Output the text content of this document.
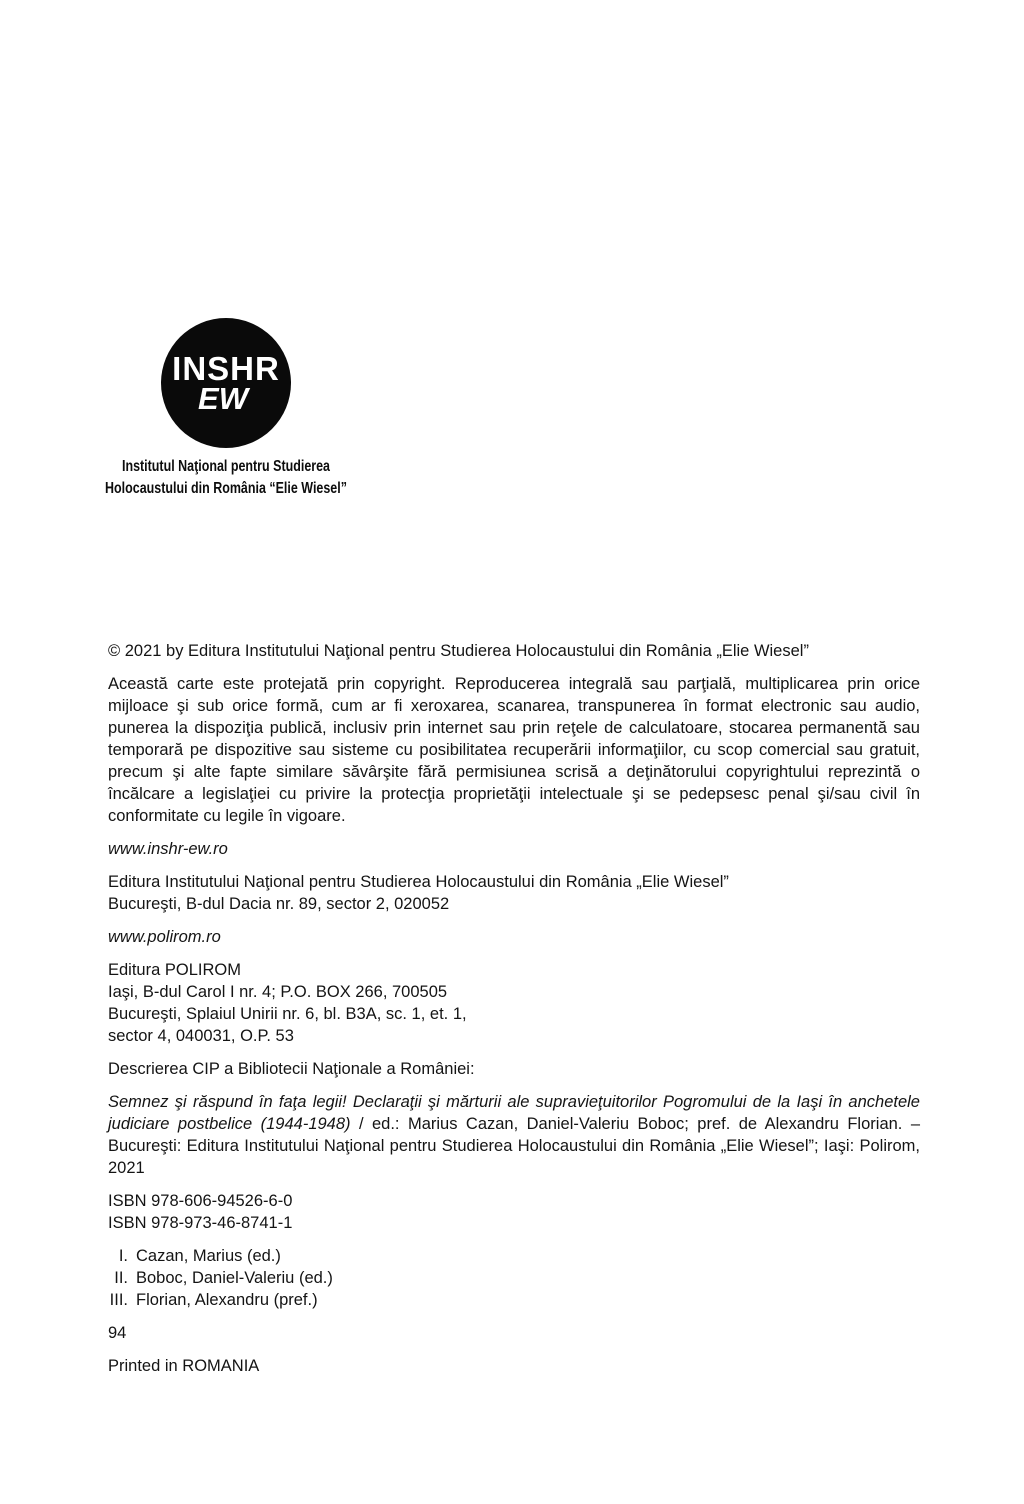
INSHR
EW
Institutul Naţional pentru Studierea
Holocaustului din România “Elie Wiesel”

© 2021 by Editura Institutului Naţional pentru Studierea Holocaustului din România „Elie Wiesel”

Această carte este protejată prin copyright. Reproducerea integrală sau parţială, multiplicarea prin orice mijloace şi sub orice formă, cum ar fi xeroxarea, scanarea, transpunerea în format electronic sau audio, punerea la dispoziţia publică, inclusiv prin internet sau prin reţele de calculatoare, stocarea permanentă sau temporară pe dispozitive sau sisteme cu posibilitatea recuperării informaţiilor, cu scop comercial sau gratuit, precum şi alte fapte similare săvârşite fără permisiunea scrisă a deţinătorului copyrightului reprezintă o încălcare a legislaţiei cu privire la protecţia proprietăţii intelectuale şi se pedepsesc penal şi/sau civil în conformitate cu legile în vigoare.

www.inshr-ew.ro

Editura Institutului Naţional pentru Studierea Holocaustului din România „Elie Wiesel”
Bucureşti, B-dul Dacia nr. 89, sector 2, 020052

www.polirom.ro

Editura POLIROM
Iaşi, B-dul Carol I nr. 4; P.O. BOX 266, 700505
Bucureşti, Splaiul Unirii nr. 6, bl. B3A, sc. 1, et. 1,
sector 4, 040031, O.P. 53

Descrierea CIP a Bibliotecii Naţionale a României:

Semnez şi răspund în faţa legii! Declaraţii şi mărturii ale supravieţuitorilor Pogromului de la Iaşi în anchetele judiciare postbelice (1944-1948) / ed.: Marius Cazan, Daniel-Valeriu Boboc; pref. de Alexandru Florian. – Bucureşti: Editura Institutului Naţional pentru Studierea Holocaustului din România „Elie Wiesel”; Iaşi: Polirom, 2021

ISBN 978-606-94526-6-0
ISBN 978-973-46-8741-1
I. Cazan, Marius (ed.)
II. Boboc, Daniel-Valeriu (ed.)
III. Florian, Alexandru (pref.)

94

Printed in ROMANIA
